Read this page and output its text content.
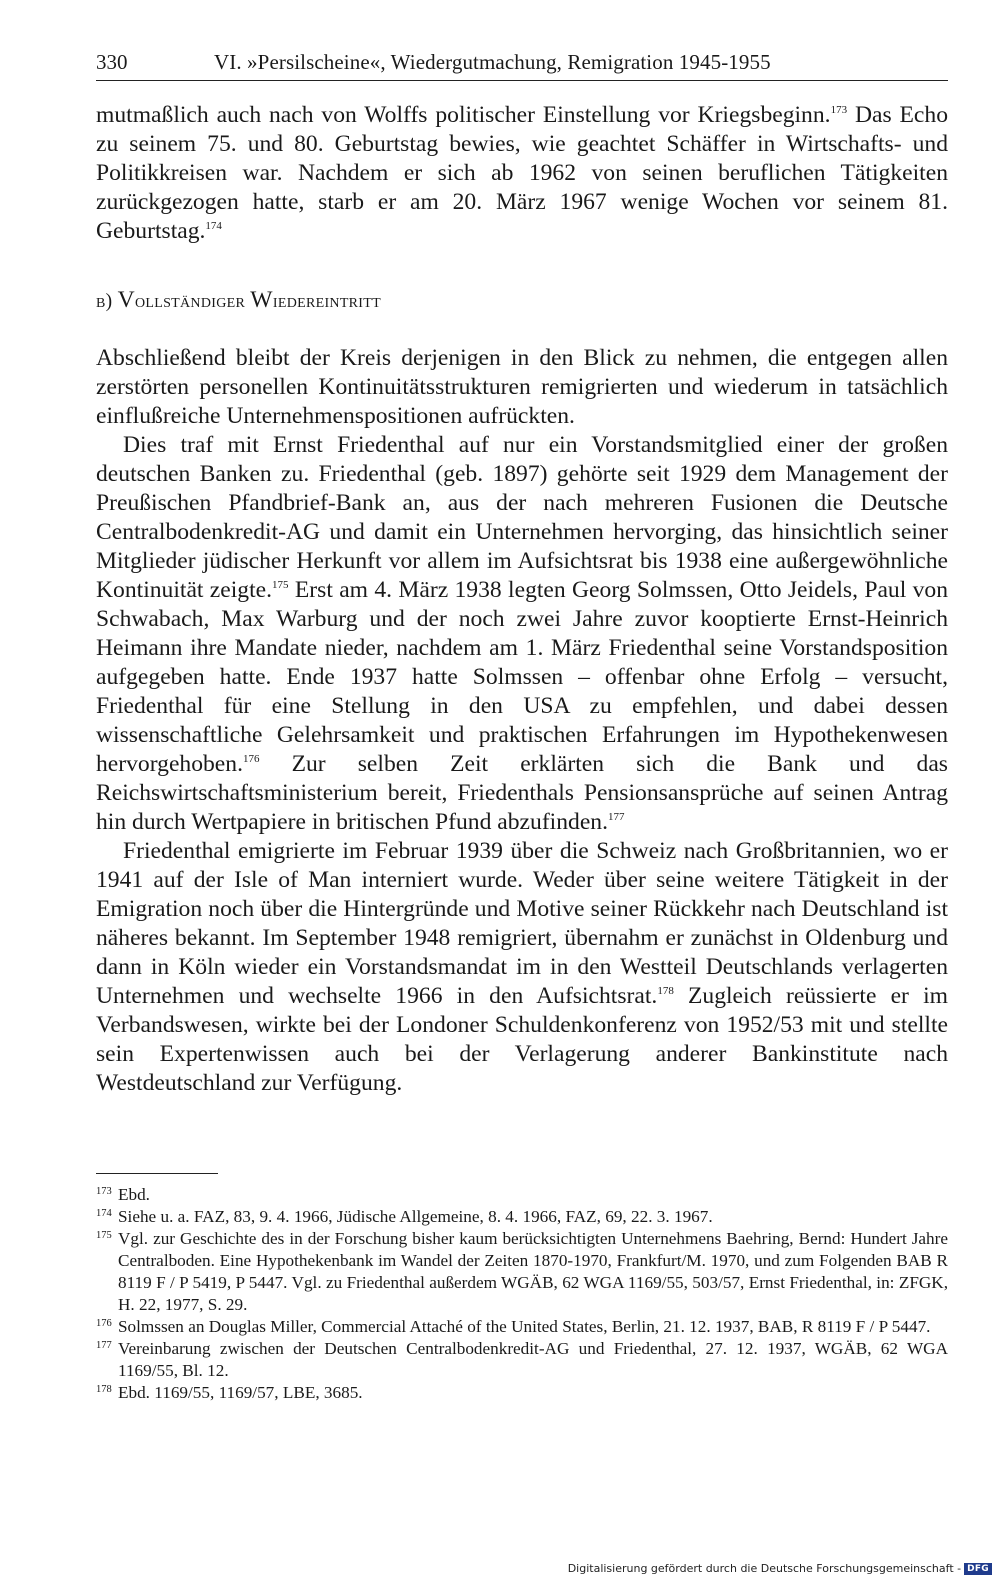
330	VI. »Persilscheine«, Wiedergutmachung, Remigration 1945-1955

mutmaßlich auch nach von Wolffs politischer Einstellung vor Kriegsbeginn.$^{173}$ Das Echo zu seinem 75. und 80. Geburtstag bewies, wie geachtet Schäffer in Wirtschafts- und Politikkreisen war. Nachdem er sich ab 1962 von seinen beruflichen Tätigkeiten zurückgezogen hatte, starb er am 20. März 1967 wenige Wochen vor seinem 81. Geburtstag.$^{174}$

b) Vollständiger Wiedereintritt

Abschließend bleibt der Kreis derjenigen in den Blick zu nehmen, die entgegen allen zerstörten personellen Kontinuitätsstrukturen remigrierten und wiederum in tatsächlich einflußreiche Unternehmenspositionen aufrückten.

Dies traf mit Ernst Friedenthal auf nur ein Vorstandsmitglied einer der großen deutschen Banken zu. Friedenthal (geb. 1897) gehörte seit 1929 dem Management der Preußischen Pfandbrief-Bank an, aus der nach mehreren Fusionen die Deutsche Centralbodenkredit-AG und damit ein Unternehmen hervorging, das hinsichtlich seiner Mitglieder jüdischer Herkunft vor allem im Aufsichtsrat bis 1938 eine außergewöhnliche Kontinuität zeigte.$^{175}$ Erst am 4. März 1938 legten Georg Solmssen, Otto Jeidels, Paul von Schwabach, Max Warburg und der noch zwei Jahre zuvor kooptierte Ernst-Heinrich Heimann ihre Mandate nieder, nachdem am 1. März Friedenthal seine Vorstandsposition aufgegeben hatte. Ende 1937 hatte Solmssen – offenbar ohne Erfolg – versucht, Friedenthal für eine Stellung in den USA zu empfehlen, und dabei dessen wissenschaftliche Gelehrsamkeit und praktischen Erfahrungen im Hypothekenwesen hervorgehoben.$^{176}$ Zur selben Zeit erklärten sich die Bank und das Reichswirtschaftsministerium bereit, Friedenthals Pensionsansprüche auf seinen Antrag hin durch Wertpapiere in britischen Pfund abzufinden.$^{177}$

Friedenthal emigrierte im Februar 1939 über die Schweiz nach Großbritannien, wo er 1941 auf der Isle of Man interniert wurde. Weder über seine weitere Tätigkeit in der Emigration noch über die Hintergründe und Motive seiner Rückkehr nach Deutschland ist näheres bekannt. Im September 1948 remigriert, übernahm er zunächst in Oldenburg und dann in Köln wieder ein Vorstandsmandat im in den Westteil Deutschlands verlagerten Unternehmen und wechselte 1966 in den Aufsichtsrat.$^{178}$ Zugleich reüssierte er im Verbandswesen, wirkte bei der Londoner Schuldenkonferenz von 1952/53 mit und stellte sein Expertenwissen auch bei der Verlagerung anderer Bankinstitute nach Westdeutschland zur Verfügung.

173 Ebd.
174 Siehe u. a. FAZ, 83, 9. 4. 1966, Jüdische Allgemeine, 8. 4. 1966, FAZ, 69, 22. 3. 1967.
175 Vgl. zur Geschichte des in der Forschung bisher kaum berücksichtigten Unternehmens Baehring, Bernd: Hundert Jahre Centralboden. Eine Hypothekenbank im Wandel der Zeiten 1870-1970, Frankfurt/M. 1970, und zum Folgenden BAB R 8119 F / P 5419, P 5447. Vgl. zu Friedenthal außerdem WGÄB, 62 WGA 1169/55, 503/57, Ernst Friedenthal, in: ZFGK, H. 22, 1977, S. 29.
176 Solmssen an Douglas Miller, Commercial Attaché of the United States, Berlin, 21. 12. 1937, BAB, R 8119 F / P 5447.
177 Vereinbarung zwischen der Deutschen Centralbodenkredit-AG und Friedenthal, 27. 12. 1937, WGÄB, 62 WGA 1169/55, Bl. 12.
178 Ebd. 1169/55, 1169/57, LBE, 3685.
Digitalisierung gefördert durch die Deutsche Forschungsgemeinschaft - DFG
